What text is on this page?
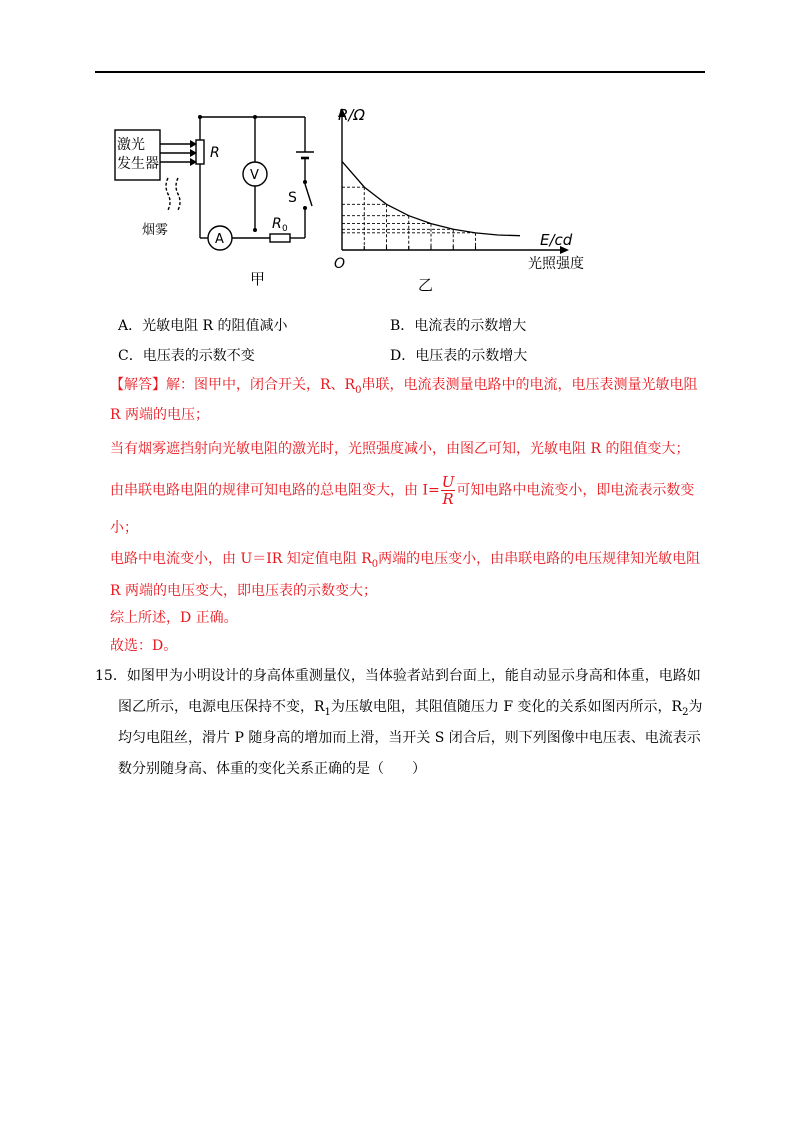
激光
发生器
烟雾
R
V
S
A
R 0
甲
R/Ω
E/cd
光照强度
O
乙
A．光敏电阻 R 的阻值减小	B．电流表的示数增大
C．电压表的示数不变	D．电压表的示数增大
【解答】解：图甲中，闭合开关，R、$R_0$串联，电流表测量电路中的电流，电压表测量光敏电阻
R 两端的电压；
当有烟雾遮挡射向光敏电阻的激光时，光照强度减小，由图乙可知，光敏电阻 R 的阻值变大；
由串联电路电阻的规律可知电路的总电阻变大，由 $I= \frac{U}{R}$ 可知电路中电流变小，即电流表示数变
小；
电路中电流变小，由 U＝IR 知定值电阻 $R_0$两端的电压变小，由串联电路的电压规律知光敏电阻
R 两端的电压变大，即电压表的示数变大；
综上所述，D 正确。
故选：D。
15．如图甲为小明设计的身高体重测量仪，当体验者站到台面上，能自动显示身高和体重，电路如
图乙所示，电源电压保持不变，$R_1$为压敏电阻，其阻值随压力 F 变化的关系如图丙所示，$R_2$为
均匀电阻丝，滑片 P 随身高的增加而上滑，当开关 S 闭合后，则下列图像中电压表、电流表示
数分别随身高、体重的变化关系正确的是（　　）
